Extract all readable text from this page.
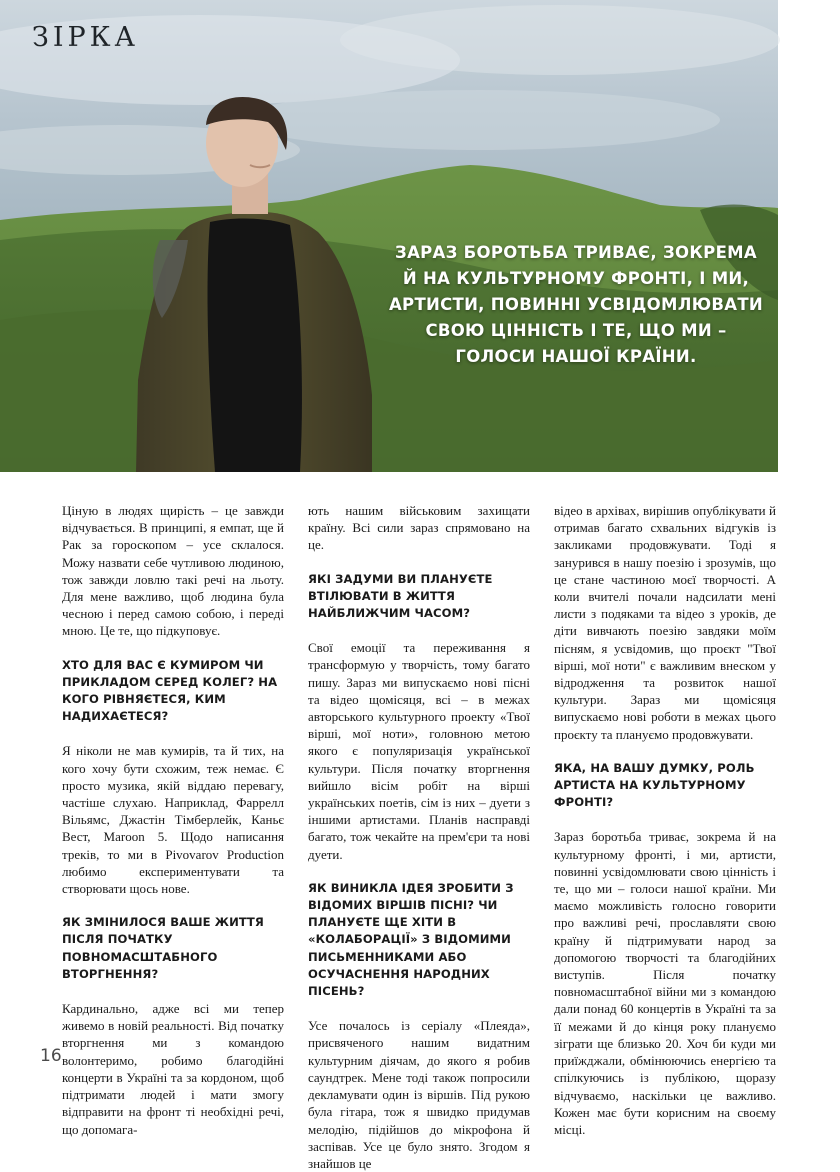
ЗІРКА
ЗАРАЗ БОРОТЬБА ТРИВАЄ, ЗОКРЕМА Й НА КУЛЬТУРНОМУ ФРОНТІ, І МИ, АРТИСТИ, ПОВИННІ УСВІДОМЛЮВАТИ СВОЮ ЦІННІСТЬ І ТЕ, ЩО МИ – ГОЛОСИ НАШОЇ КРАЇНИ.

Ціную в людях щирість – це завжди відчувається. В принципі, я емпат, ще й Рак за гороскопом – усе склалося. Можу назвати себе чутливою людиною, тож завжди ловлю такі речі на льоту. Для мене важливо, щоб людина була чесною і перед самою собою, і переді мною. Це те, що підкуповує.

ХТО ДЛЯ ВАС Є КУМИРОМ ЧИ ПРИКЛАДОМ СЕРЕД КОЛЕГ? НА КОГО РІВНЯЄТЕСЯ, КИМ НАДИХАЄТЕСЯ?

Я ніколи не мав кумирів, та й тих, на кого хочу бути схожим, теж немає. Є просто музика, якій віддаю перевагу, частіше слухаю. Наприклад, Фаррелл Вільямс, Джастін Тімберлейк, Каньє Вест, Maroon 5. Щодо написання треків, то ми в Pivovarov Production любимо експериментувати та створювати щось нове.

ЯК ЗМІНИЛОСЯ ВАШЕ ЖИТТЯ ПІСЛЯ ПОЧАТКУ ПОВНОМАСШТАБНОГО ВТОРГНЕННЯ?

Кардинально, адже всі ми тепер живемо в новій реальності. Від початку вторгнення ми з командою волонтеримо, робимо благодійні концерти в Україні та за кордоном, щоб підтримати людей і мати змогу відправити на фронт ті необхідні речі, що допомага-

ють нашим військовим захищати країну. Всі сили зараз спрямовано на це.

ЯКІ ЗАДУМИ ВИ ПЛАНУЄТЕ ВТІЛЮВАТИ В ЖИТТЯ НАЙБЛИЖЧИМ ЧАСОМ?

Свої емоції та переживання я трансформую у творчість, тому багато пишу. Зараз ми випускаємо нові пісні та відео щомісяця, всі – в межах авторського культурного проекту «Твої вірші, мої ноти», головною метою якого є популяризація української культури. Після початку вторгнення вийшло вісім робіт на вірші українських поетів, сім із них – дуети з іншими артистами. Планів насправді багато, тож чекайте на прем'єри та нові дуети.

ЯК ВИНИКЛА ІДЕЯ ЗРОБИТИ З ВІДОМИХ ВІРШІВ ПІСНІ? ЧИ ПЛАНУЄТЕ ЩЕ ХІТИ В «КОЛАБОРАЦІЇ» З ВІДОМИМИ ПИСЬМЕННИКАМИ АБО ОСУЧАСНЕННЯ НАРОДНИХ ПІСЕНЬ?

Усе почалось із серіалу «Плеяда», присвяченого нашим видатним культурним діячам, до якого я робив саундтрек. Мене тоді також попросили декламувати один із віршів. Під рукою була гітара, тож я швидко придумав мелодію, підійшов до мікрофона й заспівав. Усе це було знято. Згодом я знайшов це

відео в архівах, вирішив опублікувати й отримав багато схвальних відгуків із закликами продовжувати. Тоді я занурився в нашу поезію і зрозумів, що це стане частиною моєї творчості. А коли вчителі почали надсилати мені листи з подяками та відео з уроків, де діти вивчають поезію завдяки моїм пісням, я усвідомив, що проєкт "Твої вірші, мої ноти" є важливим внеском у відродження та розвиток нашої культури. Зараз ми щомісяця випускаємо нові роботи в межах цього проєкту та плануємо продовжувати.

ЯКА, НА ВАШУ ДУМКУ, РОЛЬ АРТИСТА НА КУЛЬТУРНОМУ ФРОНТІ?

Зараз боротьба триває, зокрема й на культурному фронті, і ми, артисти, повинні усвідомлювати свою цінність і те, що ми – голоси нашої країни. Ми маємо можливість голосно говорити про важливі речі, прославляти свою країну й підтримувати народ за допомогою творчості та благодійних виступів. Після початку повномасштабної війни ми з командою дали понад 60 концертів в Україні та за її межами й до кінця року плануємо зіграти ще близько 20. Хоч би куди ми приїжджали, обмінюючись енергією та спілкуючись із публікою, щоразу відчуваємо, наскільки це важливо. Кожен має бути корисним на своєму місці.

16
